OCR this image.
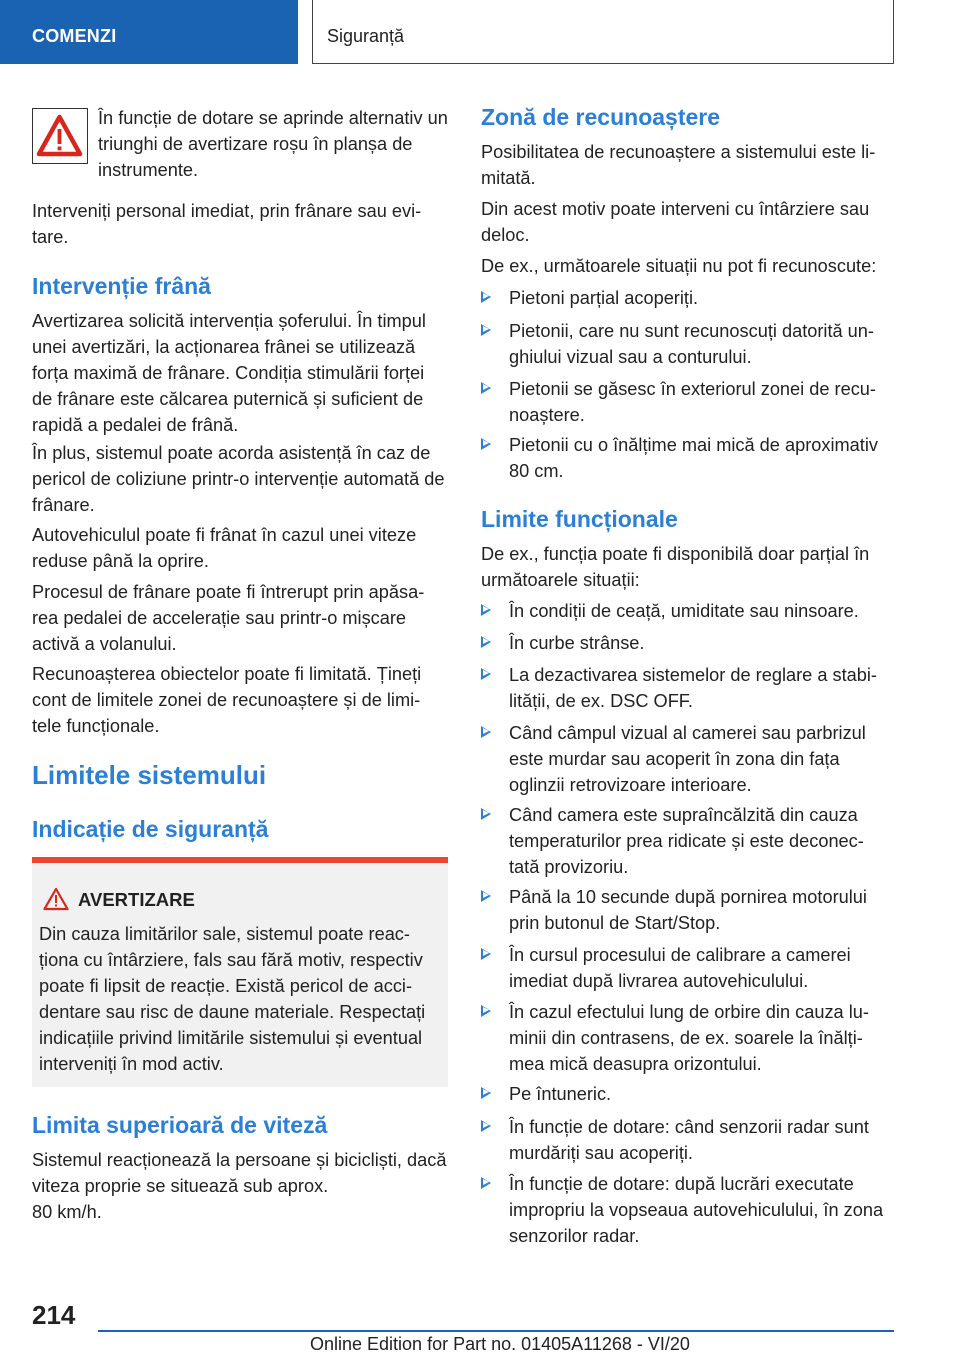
COMENZI	Siguranță
În funcție de dotare se aprinde alternativ un triunghi de avertizare roșu în planșa de instrumente.
Interveniți personal imediat, prin frânare sau evi- tare.
Intervenție frână
Avertizarea solicită intervenția șoferului. În timpul unei avertizări, la acționarea frânei se utilizează forța maximă de frânare. Condiția stimulării forței de frânare este călcarea puternică și suficient de rapidă a pedalei de frână.
În plus, sistemul poate acorda asistență în caz de pericol de coliziune printr-o intervenție automată de frânare.
Autovehiculul poate fi frânat în cazul unei viteze reduse până la oprire.
Procesul de frânare poate fi întrerupt prin apăsa- rea pedalei de accelerație sau printr-o mișcare activă a volanului.
Recunoașterea obiectelor poate fi limitată. Țineți cont de limitele zonei de recunoaștere și de limi- tele funcționale.
Limitele sistemului
Indicație de siguranță
Limita superioară de viteză
Sistemul reacționează la persoane și bicicliști, dacă viteza proprie se situează sub aprox.
80 km/h.
AVERTIZARE
Din cauza limitărilor sale, sistemul poate reac- ționa cu întârziere, fals sau fără motiv, respectiv poate fi lipsit de reacție. Există pericol de acci- dentare sau risc de daune materiale. Respectați indicațiile privind limitările sistemului și eventual interveniți în mod activ.
Zonă de recunoaștere
Posibilitatea de recunoaștere a sistemului este li- mitată.
Din acest motiv poate interveni cu întârziere sau deloc.
De ex., următoarele situații nu pot fi recunoscute:
Pietoni parțial acoperiți.
Pietonii, care nu sunt recunoscuți datorită un- ghiului vizual sau a conturului.
Pietonii se găsesc în exteriorul zonei de recu- noaștere.
Pietonii cu o înălțime mai mică de aproximativ 80 cm.
Limite funcționale
De ex., funcția poate fi disponibilă doar parțial în următoarele situații:
În condiții de ceață, umiditate sau ninsoare.
În curbe strânse.
La dezactivarea sistemelor de reglare a stabi- lității, de ex. DSC OFF.
Când câmpul vizual al camerei sau parbrizul este murdar sau acoperit în zona din fața oglinzii retrovizoare interioare.
Când camera este supraîncălzită din cauza temperaturilor prea ridicate și este deconec- tată provizoriu.
Până la 10 secunde după pornirea motorului prin butonul de Start/Stop.
În cursul procesului de calibrare a camerei imediat după livrarea autovehiculului.
În cazul efectului lung de orbire din cauza lu- minii din contrasens, de ex. soarele la înălți- mea mică deasupra orizontului.
Pe întuneric.
În funcție de dotare: când senzorii radar sunt murdăriți sau acoperiți.
În funcție de dotare: după lucrări executate impropriu la vopseaua autovehiculului, în zona senzorilor radar.
214
Online Edition for Part no. 01405A11268 - VI/20
